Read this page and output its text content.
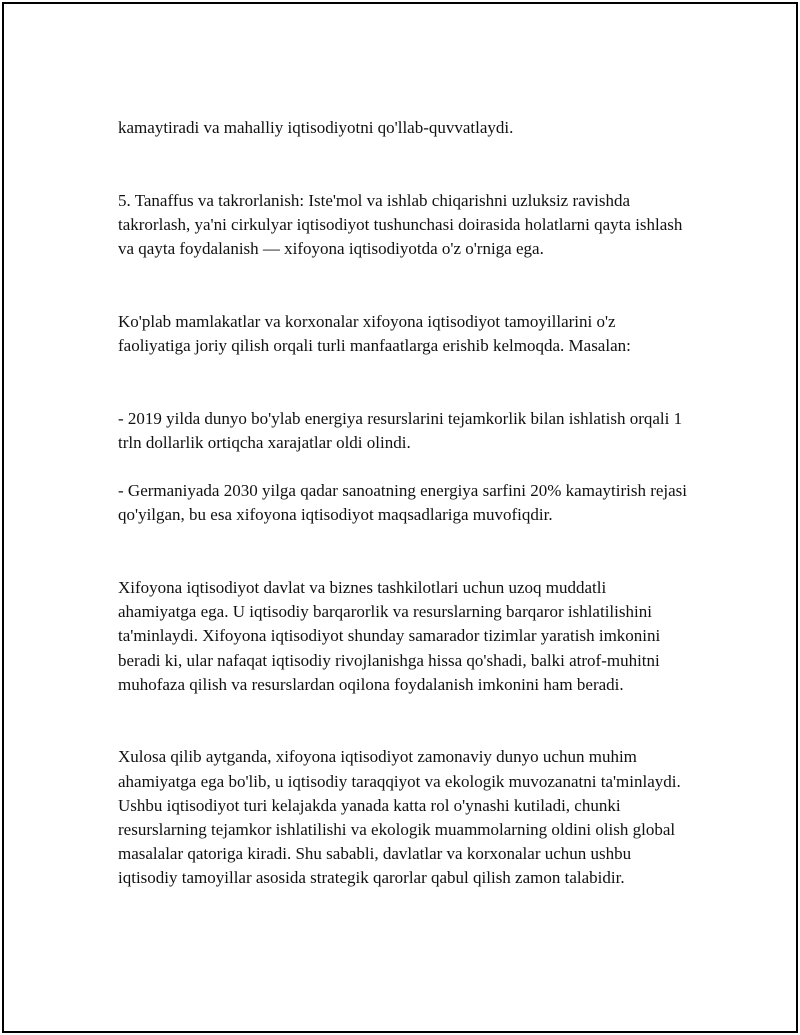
kamaytiradi va mahalliy iqtisodiyotni qo'llab-quvvatlaydi.

5. Tanaffus va takrorlanish: Iste'mol va ishlab chiqarishni uzluksiz ravishda takrorlash, ya'ni cirkulyar iqtisodiyot tushunchasi doirasida holatlarni qayta ishlash va qayta foydalanish — xifoyona iqtisodiyotda o'z o'rniga ega.

Ko'plab mamlakatlar va korxonalar xifoyona iqtisodiyot tamoyillarini o'z faoliyatiga joriy qilish orqali turli manfaatlarga erishib kelmoqda. Masalan:

- 2019 yilda dunyo bo'ylab energiya resurslarini tejamkorlik bilan ishlatish orqali 1 trln dollarlik ortiqcha xarajatlar oldi olindi.

- Germaniyada 2030 yilga qadar sanoatning energiya sarfini 20% kamaytirish rejasi qo'yilgan, bu esa xifoyona iqtisodiyot maqsadlariga muvofiqdir.

Xifoyona iqtisodiyot davlat va biznes tashkilotlari uchun uzoq muddatli ahamiyatga ega. U iqtisodiy barqarorlik va resurslarning barqaror ishlatilishini ta'minlaydi. Xifoyona iqtisodiyot shunday samarador tizimlar yaratish imkonini beradi ki, ular nafaqat iqtisodiy rivojlanishga hissa qo'shadi, balki atrof-muhitni muhofaza qilish va resurslardan oqilona foydalanish imkonini ham beradi.

Xulosa qilib aytganda, xifoyona iqtisodiyot zamonaviy dunyo uchun muhim ahamiyatga ega bo'lib, u iqtisodiy taraqqiyot va ekologik muvozanatni ta'minlaydi. Ushbu iqtisodiyot turi kelajakda yanada katta rol o'ynashi kutiladi, chunki resurslarning tejamkor ishlatilishi va ekologik muammolarning oldini olish global masalalar qatoriga kiradi. Shu sababli, davlatlar va korxonalar uchun ushbu iqtisodiy tamoyillar asosida strategik qarorlar qabul qilish zamon talabidir.
